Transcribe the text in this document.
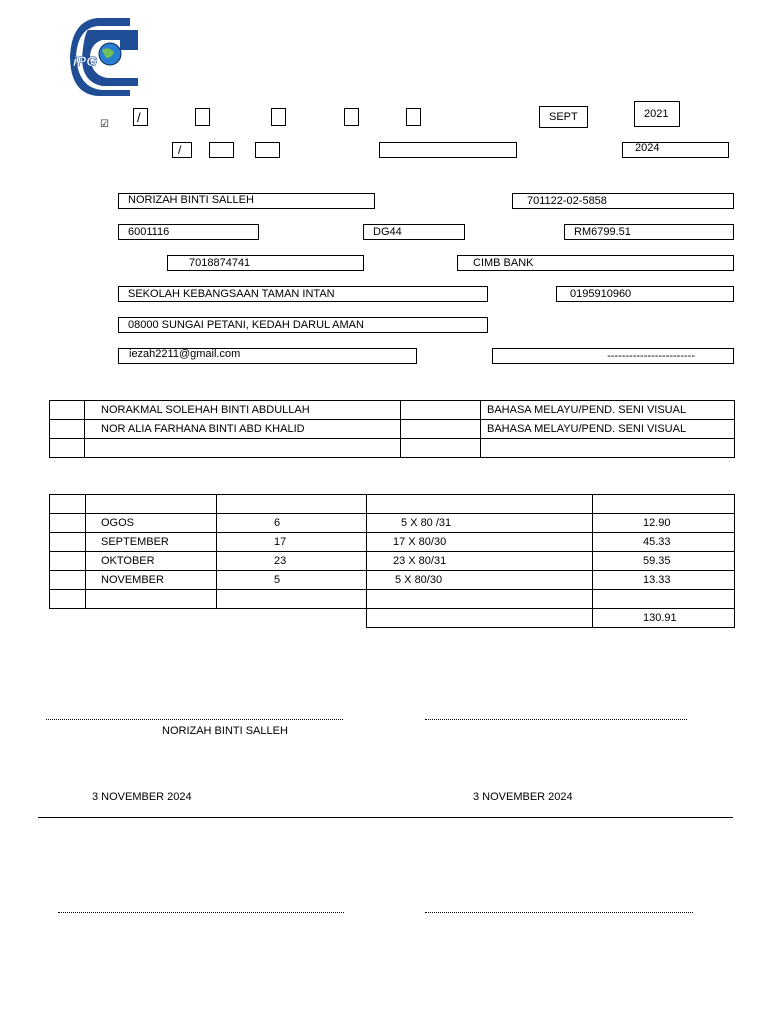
iPG
☑ /	SEPT	2021
/	2024
NORIZAH BINTI SALLEH	701122-02-5858
6001116	DG44	RM6799.51
7018874741	CIMB BANK
SEKOLAH KEBANGSAAN TAMAN INTAN	0195910960
08000 SUNGAI PETANI, KEDAH DARUL AMAN
iezah2211@gmail.com	------------------------
	NORAKMAL SOLEHAH BINTI ABDULLAH		BAHASA MELAYU/PEND. SENI VISUAL
	NOR ALIA FARHANA BINTI ABD KHALID		BAHASA MELAYU/PEND. SENI VISUAL

	OGOS	6	5 X 80 /31	12.90
	SEPTEMBER	17	17 X 80/30	45.33
	OKTOBER	23	23 X 80/31	59.35
	NOVEMBER	5	5 X 80/30	13.33

				130.91
NORIZAH BINTI SALLEH
3 NOVEMBER 2024	3 NOVEMBER 2024
